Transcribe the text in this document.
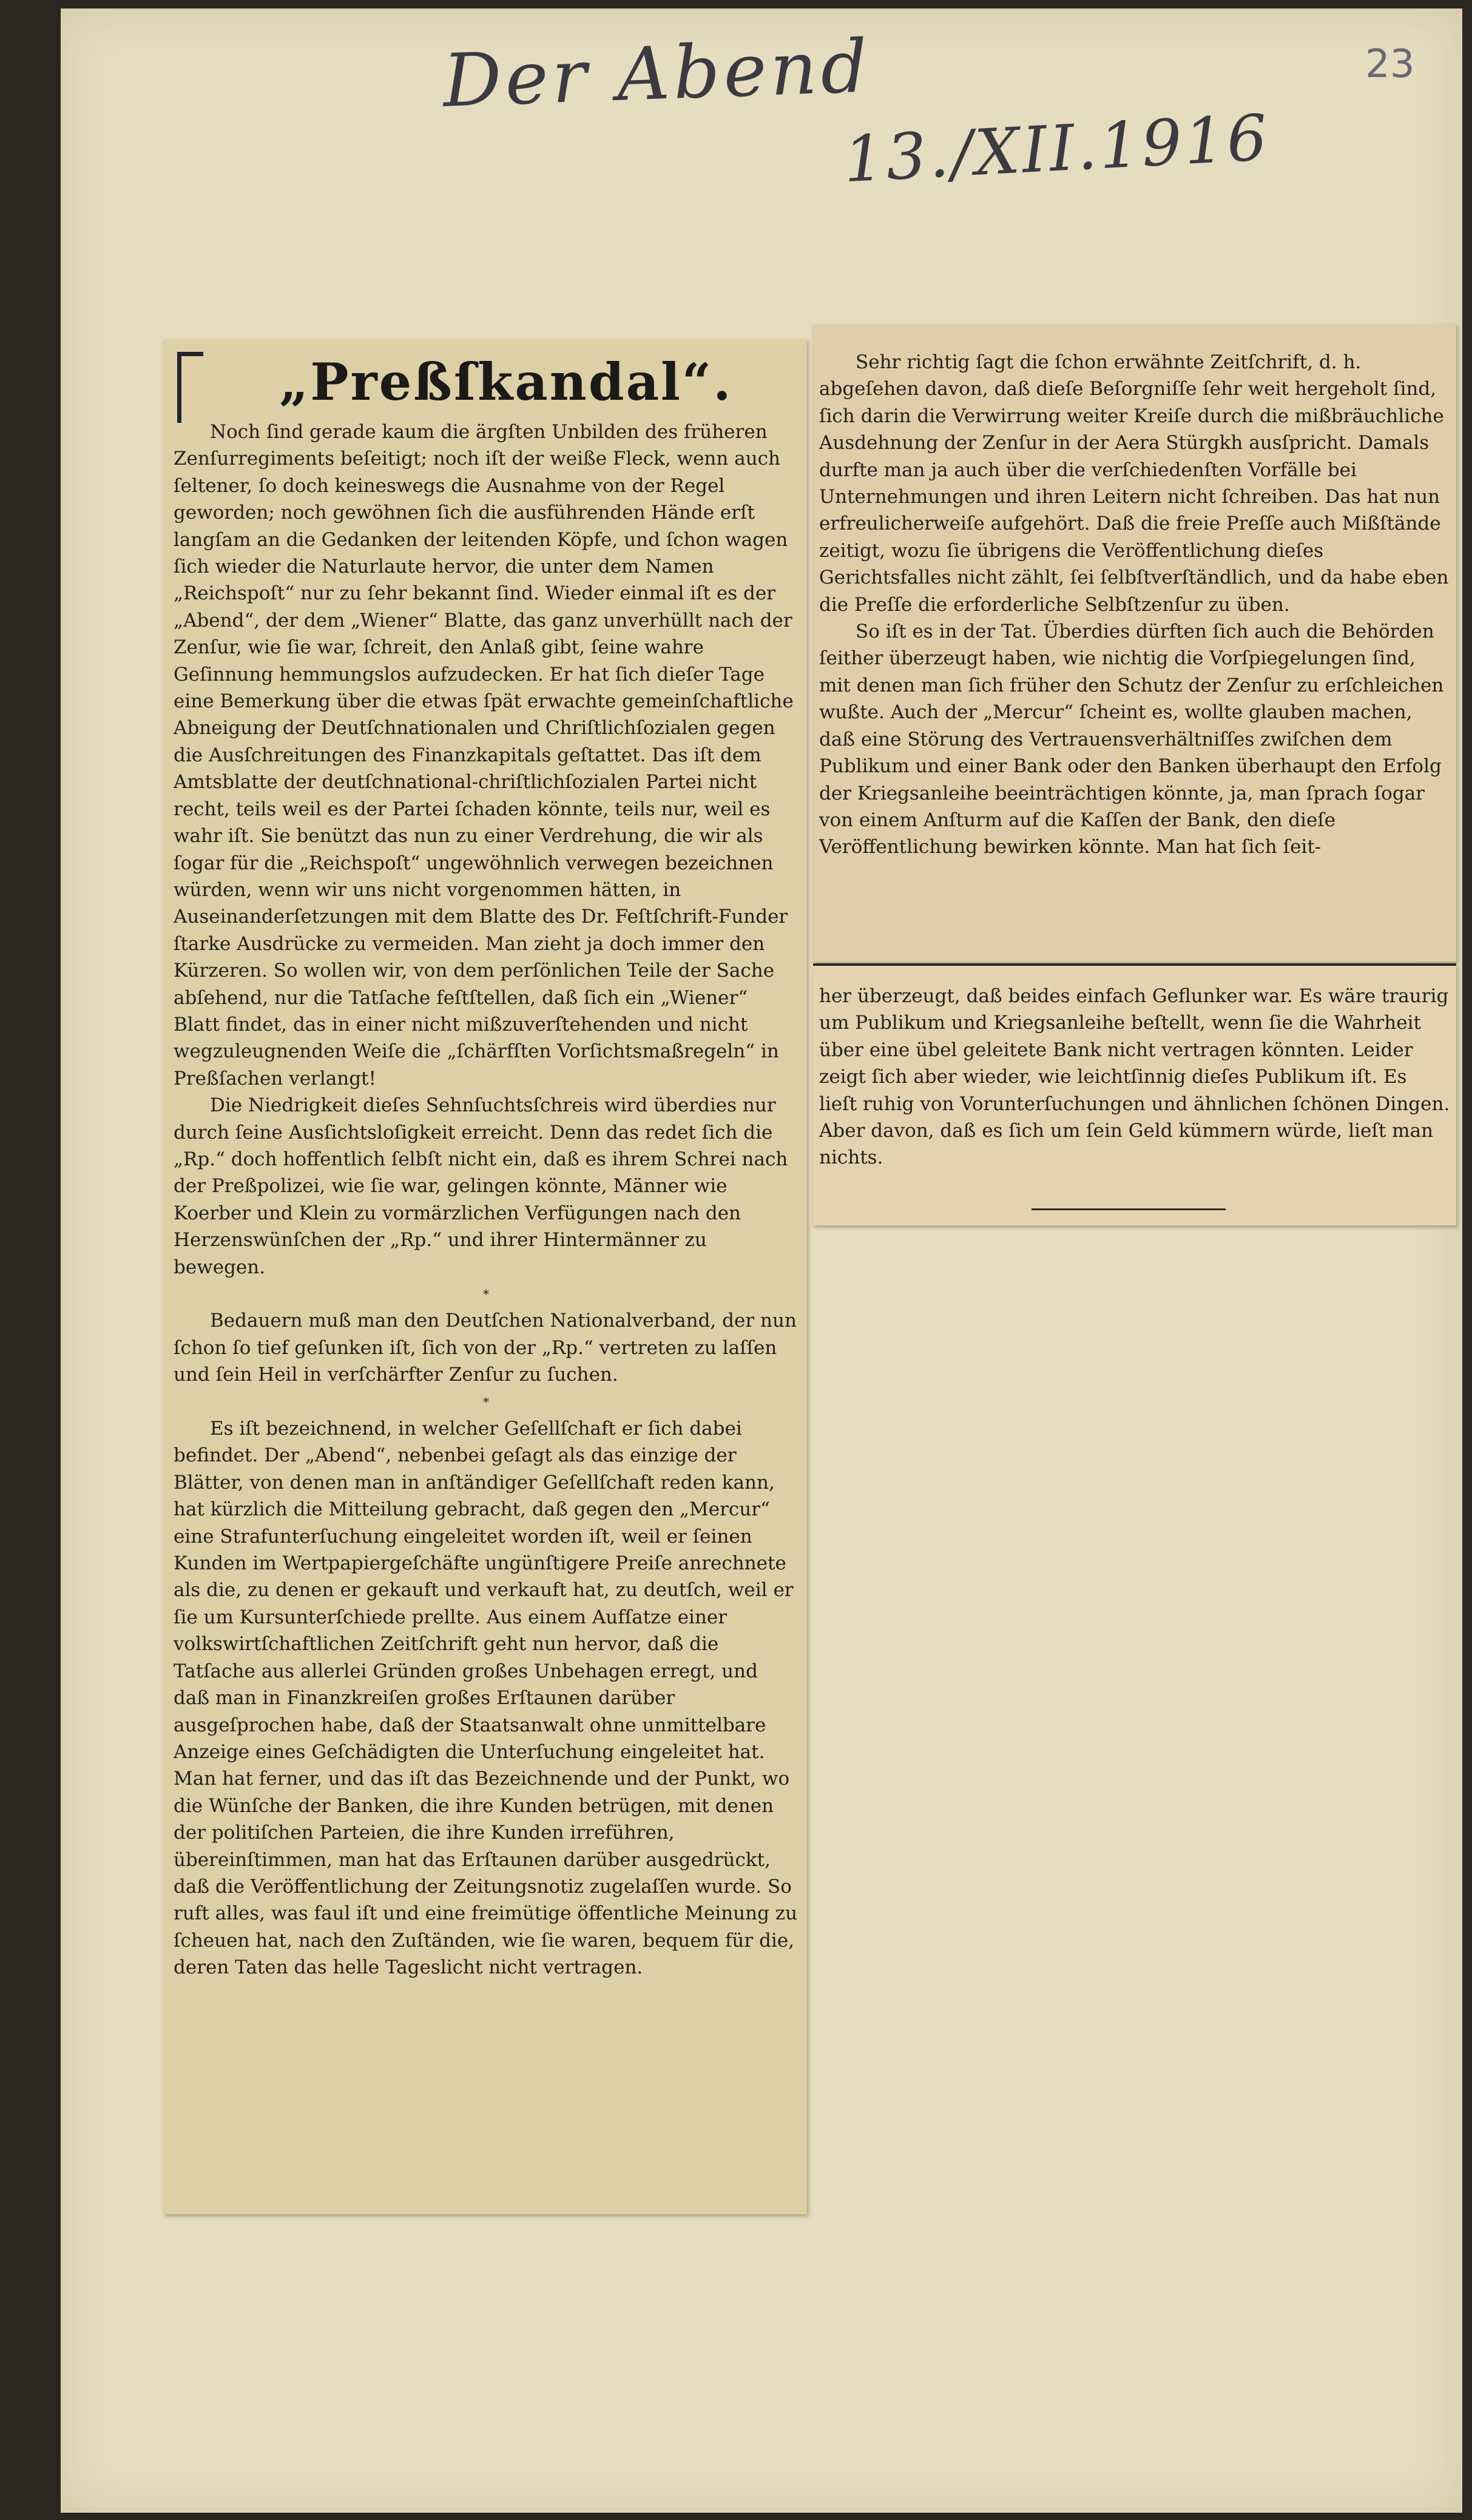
Der Abend
13./XII.1916
23
„Preßſkandal“.

Noch ſind gerade kaum die ärgſten Unbilden des früheren Zenſurregiments beſeitigt; noch iſt der weiße Fleck, wenn auch ſeltener, ſo doch keineswegs die Ausnahme von der Regel geworden; noch gewöhnen ſich die ausführenden Hände erſt langſam an die Gedanken der leitenden Köpfe, und ſchon wagen ſich wieder die Naturlaute hervor, die unter dem Namen „Reichspoſt“ nur zu ſehr bekannt ſind. Wieder einmal iſt es der „Abend“, der dem „Wiener“ Blatte, das ganz unverhüllt nach der Zenſur, wie ſie war, ſchreit, den Anlaß gibt, ſeine wahre Geſinnung hemmungslos aufzudecken. Er hat ſich dieſer Tage eine Bemerkung über die etwas ſpät erwachte gemeinſchaftliche Abneigung der Deutſchnationalen und Chriſtlichſozialen gegen die Ausſchreitungen des Finanzkapitals geſtattet. Das iſt dem Amtsblatte der deutſchnational-chriſtlichſozialen Partei nicht recht, teils weil es der Partei ſchaden könnte, teils nur, weil es wahr iſt. Sie benützt das nun zu einer Verdrehung, die wir als ſogar für die „Reichspoſt“ ungewöhnlich verwegen bezeichnen würden, wenn wir uns nicht vorgenommen hätten, in Auseinanderſetzungen mit dem Blatte des Dr. Feſtſchrift-Funder ſtarke Ausdrücke zu vermeiden. Man zieht ja doch immer den Kürzeren. So wollen wir, von dem perſönlichen Teile der Sache abſehend, nur die Tatſache feſtſtellen, daß ſich ein „Wiener“ Blatt findet, das in einer nicht mißzuverſtehenden und nicht wegzuleugnenden Weiſe die „ſchärfſten Vorſichtsmaßregeln“ in Preßſachen verlangt!

Die Niedrigkeit dieſes Sehnſuchtsſchreis wird überdies nur durch ſeine Ausſichtsloſigkeit erreicht. Denn das redet ſich die „Rp.“ doch hoffentlich ſelbſt nicht ein, daß es ihrem Schrei nach der Preßpolizei, wie ſie war, gelingen könnte, Männer wie Koerber und Klein zu vormärzlichen Verfügungen nach den Herzenswünſchen der „Rp.“ und ihrer Hintermänner zu bewegen.

*

Bedauern muß man den Deutſchen Nationalverband, der nun ſchon ſo tief geſunken iſt, ſich von der „Rp.“ vertreten zu laſſen und ſein Heil in verſchärfter Zenſur zu ſuchen.

*

Es iſt bezeichnend, in welcher Geſellſchaft er ſich dabei befindet. Der „Abend“, nebenbei geſagt als das einzige der Blätter, von denen man in anſtändiger Geſellſchaft reden kann, hat kürzlich die Mitteilung gebracht, daß gegen den „Mercur“ eine Strafunterſuchung eingeleitet worden iſt, weil er ſeinen Kunden im Wertpapiergeſchäfte ungünſtigere Preiſe anrechnete als die, zu denen er gekauft und verkauft hat, zu deutſch, weil er ſie um Kursunterſchiede prellte. Aus einem Aufſatze einer volkswirtſchaftlichen Zeitſchrift geht nun hervor, daß die Tatſache aus allerlei Gründen großes Unbehagen erregt, und daß man in Finanzkreiſen großes Erſtaunen darüber ausgeſprochen habe, daß der Staatsanwalt ohne unmittelbare Anzeige eines Geſchädigten die Unterſuchung eingeleitet hat. Man hat ferner, und das iſt das Bezeichnende und der Punkt, wo die Wünſche der Banken, die ihre Kunden betrügen, mit denen der politiſchen Parteien, die ihre Kunden irreführen, übereinſtimmen, man hat das Erſtaunen darüber ausgedrückt, daß die Veröffentlichung der Zeitungsnotiz zugelaſſen wurde. So ruft alles, was faul iſt und eine freimütige öffentliche Meinung zu ſcheuen hat, nach den Zuſtänden, wie ſie waren, bequem für die, deren Taten das helle Tageslicht nicht vertragen.

Sehr richtig ſagt die ſchon erwähnte Zeitſchrift, d. h. abgeſehen davon, daß dieſe Beſorgniſſe ſehr weit hergeholt ſind, ſich darin die Verwirrung weiter Kreiſe durch die mißbräuchliche Ausdehnung der Zenſur in der Aera Stürgkh ausſpricht. Damals durfte man ja auch über die verſchiedenſten Vorfälle bei Unternehmungen und ihren Leitern nicht ſchreiben. Das hat nun erfreulicherweiſe aufgehört. Daß die freie Preſſe auch Mißſtände zeitigt, wozu ſie übrigens die Veröffentlichung dieſes Gerichtsfalles nicht zählt, ſei ſelbſtverſtändlich, und da habe eben die Preſſe die erforderliche Selbſtzenſur zu üben.

So iſt es in der Tat. Überdies dürften ſich auch die Behörden ſeither überzeugt haben, wie nichtig die Vorſpiegelungen ſind, mit denen man ſich früher den Schutz der Zenſur zu erſchleichen wußte. Auch der „Mercur“ ſcheint es, wollte glauben machen, daß eine Störung des Vertrauensverhältniſſes zwiſchen dem Publikum und einer Bank oder den Banken überhaupt den Erfolg der Kriegsanleihe beeinträchtigen könnte, ja, man ſprach ſogar von einem Anſturm auf die Kaſſen der Bank, den dieſe Veröffentlichung bewirken könnte. Man hat ſich ſeit-

her überzeugt, daß beides einfach Geflunker war. Es wäre traurig um Publikum und Kriegsanleihe beſtellt, wenn ſie die Wahrheit über eine übel geleitete Bank nicht vertragen könnten. Leider zeigt ſich aber wieder, wie leichtſinnig dieſes Publikum iſt. Es lieſt ruhig von Vorunterſuchungen und ähnlichen ſchönen Dingen. Aber davon, daß es ſich um ſein Geld kümmern würde, lieſt man nichts.
